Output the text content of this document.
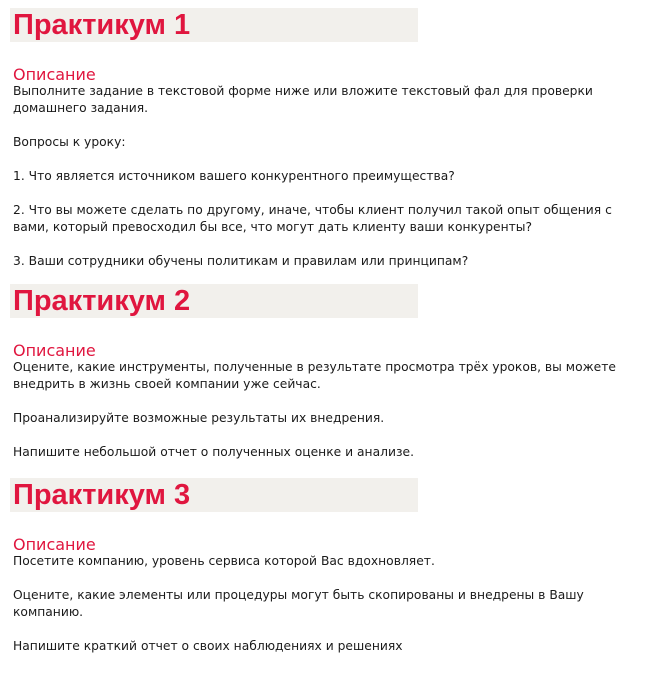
Практикум 1
Описание

Выполните задание в текстовой форме ниже или вложите текстовый фал для проверки домашнего задания.

Вопросы к уроку:

1. Что является источником вашего конкурентного преимущества?

2. Что вы можете сделать по другому, иначе, чтобы клиент получил такой опыт общения с вами, который превосходил бы все, что могут дать клиенту ваши конкуренты?

3. Ваши сотрудники обучены политикам и правилам или принципам?

Практикум 2
Описание

Оцените, какие инструменты, полученные в результате просмотра трёх уроков, вы можете внедрить в жизнь своей компании уже сейчас.

Проанализируйте возможные результаты их внедрения.

Напишите небольшой отчет о полученных оценке и анализе.

Практикум 3
Описание

Посетите компанию, уровень сервиса которой Вас вдохновляет.

Оцените, какие элементы или процедуры могут быть скопированы и внедрены в Вашу компанию.

Напишите краткий отчет о своих наблюдениях и решениях
